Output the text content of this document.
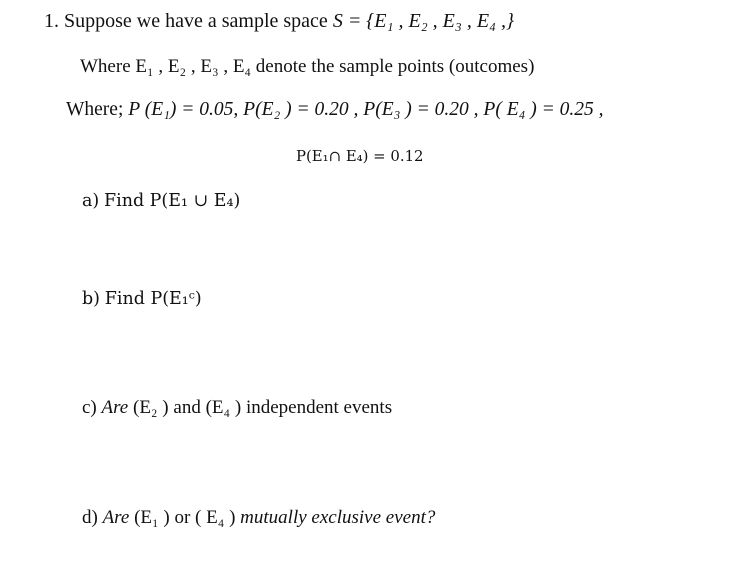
1. Suppose we have a sample space S = {E₁ , E₂ , E₃ , E₄ ,}
Where E₁ , E₂ , E₃ , E₄ denote the sample points (outcomes)
Where; P (E₁) = 0.05, P(E₂ ) = 0.20 , P(E₃ ) = 0.20 , P( E₄ ) = 0.25 ,
P(E₁∩ E₄) = 0.12
a) Find P(E₁ ∪ E₄)
b) Find P(E₁ᶜ)
c) Are (E₂ ) and (E₄ ) independent events
d) Are (E₁ ) or ( E₄ ) mutually exclusive event?
